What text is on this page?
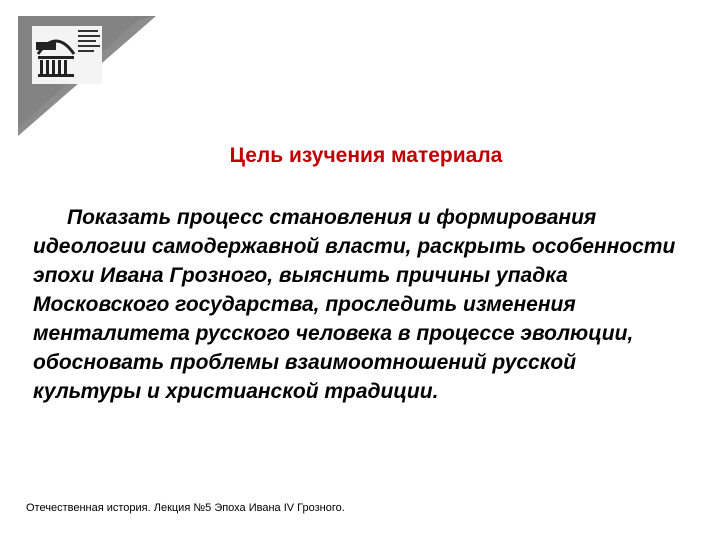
Цель изучения материала

Показать процесс становления и формирования идеологии самодержавной власти, раскрыть особенности эпохи Ивана Грозного, выяснить причины упадка Московского государства, проследить изменения менталитета русского человека в процессе эволюции, обосновать проблемы взаимоотношений русской культуры и христианской традиции.

Отечественная история. Лекция №5 Эпоха Ивана IV Грозного.
